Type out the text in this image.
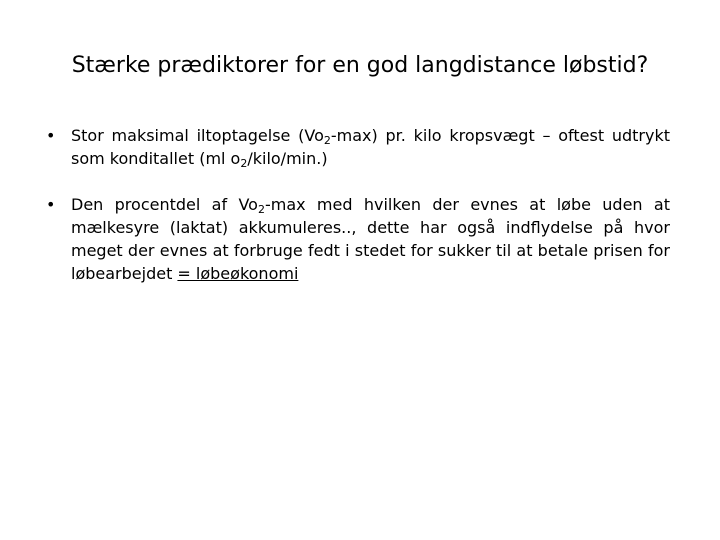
Stærke prædiktorer for en god langdistance løbstid?
• Stor maksimal iltoptagelse $(Vo_2-\max)$ pr. kilo kropsvægt – oftest udtrykt som konditallet (ml $o_2/kilo/\min$.)
• Den procentdel af $Vo_2-\max$ med hvilken der evnes at løbe uden at mælkesyre (laktat) akkumuleres.., dette har også indflydelse på hvor meget der evnes at forbruge fedt i stedet for sukker til at betale prisen for løbearbejdet = løbeøkonomi
